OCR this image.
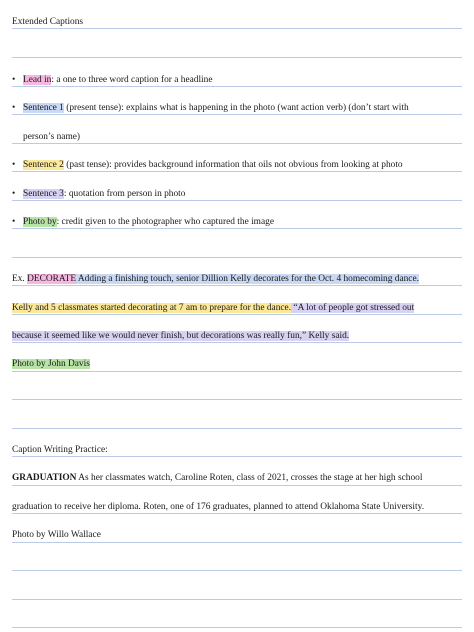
Extended Captions
• Lead in: a one to three word caption for a headline
• Sentence 1 (present tense): explains what is happening in the photo (want action verb) (don’t start with
person’s name)
• Sentence 2 (past tense): provides background information that oils not obvious from looking at photo
• Sentence 3: quotation from person in photo
• Photo by: credit given to the photographer who captured the image
Ex. DECORATE Adding a finishing touch, senior Dillion Kelly decorates for the Oct. 4 homecoming dance.
Kelly and 5 classmates started decorating at 7 am to prepare for the dance. “A lot of people got stressed out
because it seemed like we would never finish, but decorations was really fun,” Kelly said.
Photo by John Davis
Caption Writing Practice:
GRADUATION As her classmates watch, Caroline Roten, class of 2021, crosses the stage at her high school
graduation to receive her diploma. Roten, one of 176 graduates, planned to attend Oklahoma State University.
Photo by Willo Wallace
